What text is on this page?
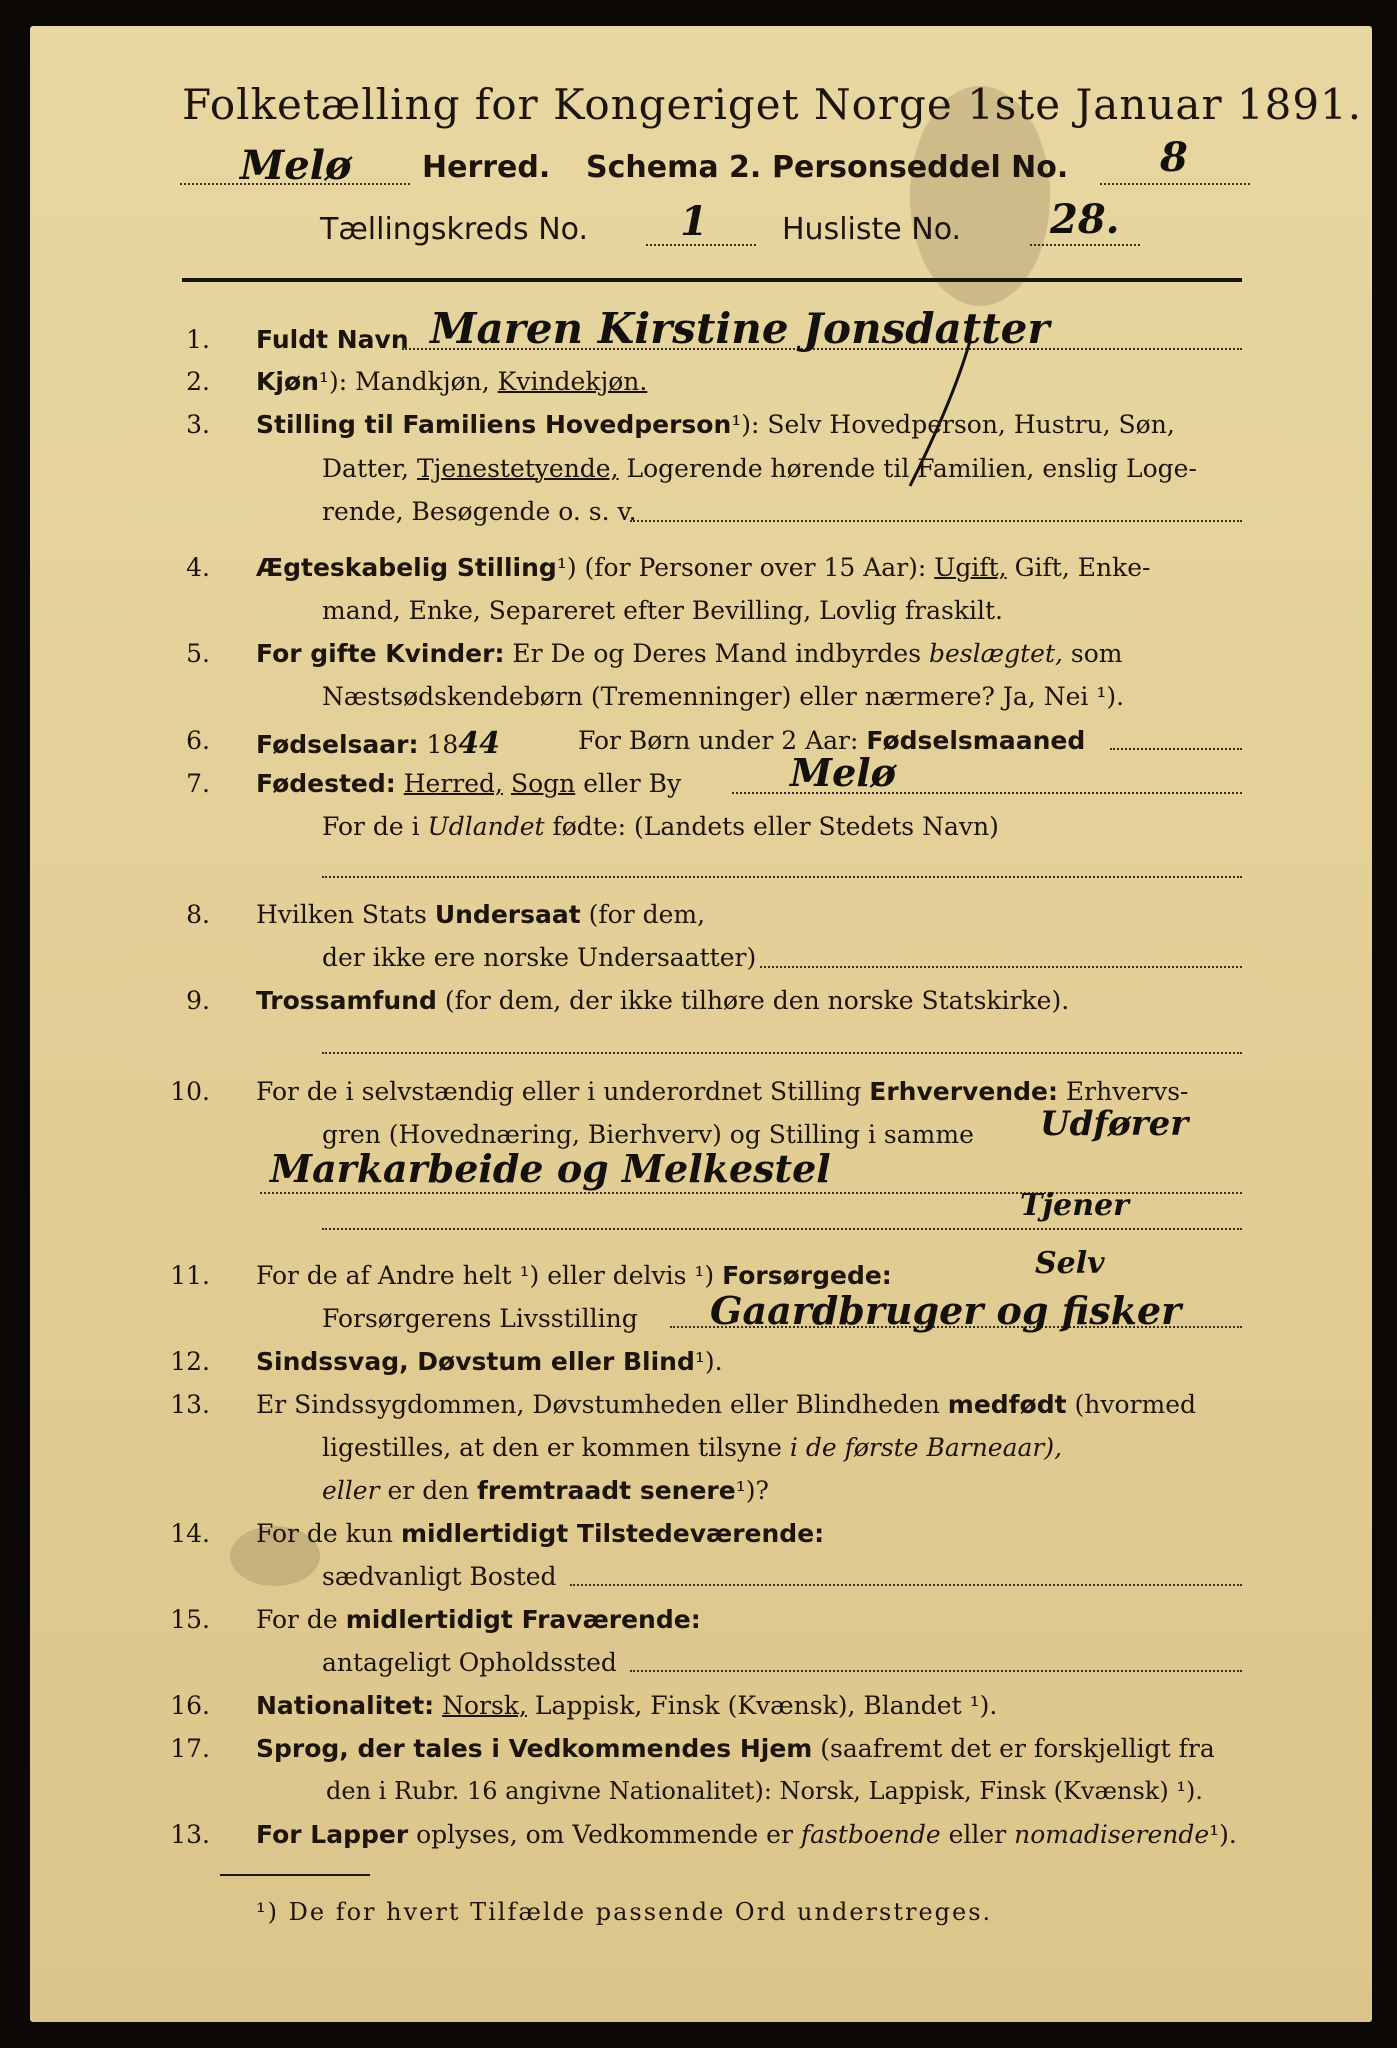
Folketælling for Kongeriget Norge 1ste Januar 1891.
Melø Herred. Schema 2. Personseddel No. 8
Tællingskreds No. 1 Husliste No. 28.
1. Fuldt Navn Maren Kirstine Jonsdatter
2. Kjøn¹): Mandkjøn, Kvindekjøn.
3. Stilling til Familiens Hovedperson¹): Selv Hovedperson, Hustru, Søn,
Datter, Tjenestetyende, Logerende hørende til Familien, enslig Loge-
rende, Besøgende o. s. v.
4. Ægteskabelig Stilling¹) (for Personer over 15 Aar): Ugift, Gift, Enke-
mand, Enke, Separeret efter Bevilling, Lovlig fraskilt.
5. For gifte Kvinder: Er De og Deres Mand indbyrdes beslægtet, som
Næstsødskendebørn (Tremenninger) eller nærmere? Ja, Nei ¹).
6. Fødselsaar: 1844	For Børn under 2 Aar: Fødselsmaaned
7. Fødested: Herred, Sogn eller By	Melø
For de i Udlandet fødte: (Landets eller Stedets Navn)
8. Hvilken Stats Undersaat (for dem,
der ikke ere norske Undersaatter)
9. Trossamfund (for dem, der ikke tilhøre den norske Statskirke).
10. For de i selvstændig eller i underordnet Stilling Erhvervende: Erhvervs-
gren (Hovednæring, Bierhverv) og Stilling i samme Udfører
Markarbeide og Melkestel
Tjener
11. For de af Andre helt ¹) eller delvis ¹) Forsørgede:	Selv
Forsørgerens Livsstilling Gaardbruger og fisker
12. Sindssvag, Døvstum eller Blind¹).
13. Er Sindssygdommen, Døvstumheden eller Blindheden medfødt (hvormed
ligestilles, at den er kommen tilsyne i de første Barneaar),
eller er den fremtraadt senere¹)?
14. For de kun midlertidigt Tilstedeværende:
sædvanligt Bosted
15. For de midlertidigt Fraværende:
antageligt Opholdssted
16. Nationalitet: Norsk, Lappisk, Finsk (Kvænsk), Blandet ¹).
17. Sprog, der tales i Vedkommendes Hjem (saafremt det er forskjelligt fra
den i Rubr. 16 angivne Nationalitet): Norsk, Lappisk, Finsk (Kvænsk) ¹).
13. For Lapper oplyses, om Vedkommende er fastboende eller nomadiserende¹).
¹) De for hvert Tilfælde passende Ord understreges.
